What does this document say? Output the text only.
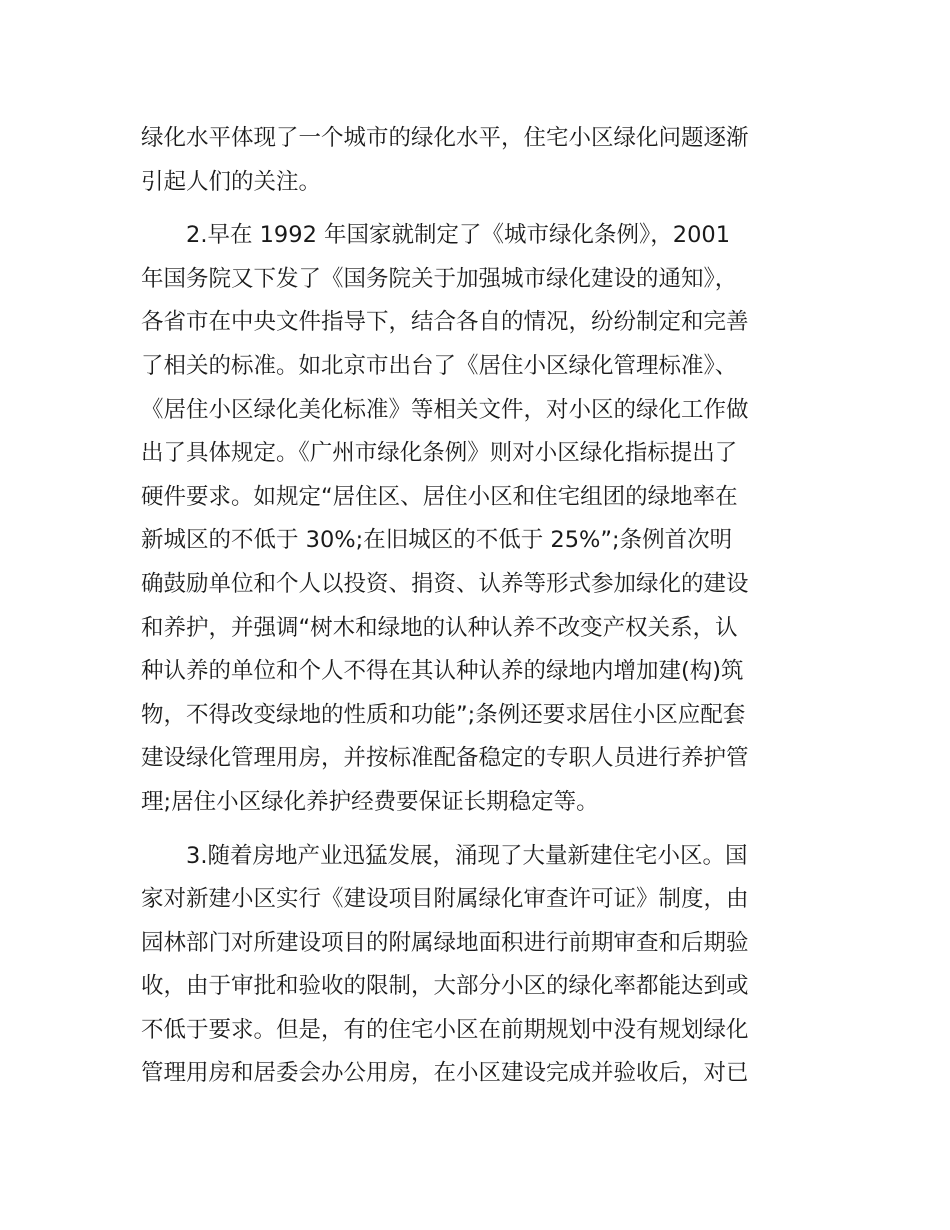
绿化水平体现了一个城市的绿化水平，住宅小区绿化问题逐渐
引起人们的关注。
　　2.早在 1992 年国家就制定了《城市绿化条例》，2001
年国务院又下发了《国务院关于加强城市绿化建设的通知》，
各省市在中央文件指导下，结合各自的情况，纷纷制定和完善
了相关的标准。如北京市出台了《居住小区绿化管理标准》、
《居住小区绿化美化标准》等相关文件，对小区的绿化工作做
出了具体规定。《广州市绿化条例》则对小区绿化指标提出了
硬件要求。如规定“居住区、居住小区和住宅组团的绿地率在
新城区的不低于 30%;在旧城区的不低于 25%”;条例首次明
确鼓励单位和个人以投资、捐资、认养等形式参加绿化的建设
和养护，并强调“树木和绿地的认种认养不改变产权关系，认
种认养的单位和个人不得在其认种认养的绿地内增加建(构)筑
物，不得改变绿地的性质和功能”;条例还要求居住小区应配套
建设绿化管理用房，并按标准配备稳定的专职人员进行养护管
理;居住小区绿化养护经费要保证长期稳定等。
　　3.随着房地产业迅猛发展，涌现了大量新建住宅小区。国
家对新建小区实行《建设项目附属绿化审查许可证》制度，由
园林部门对所建设项目的附属绿地面积进行前期审查和后期验
收，由于审批和验收的限制，大部分小区的绿化率都能达到或
不低于要求。但是，有的住宅小区在前期规划中没有规划绿化
管理用房和居委会办公用房，在小区建设完成并验收后，对已
